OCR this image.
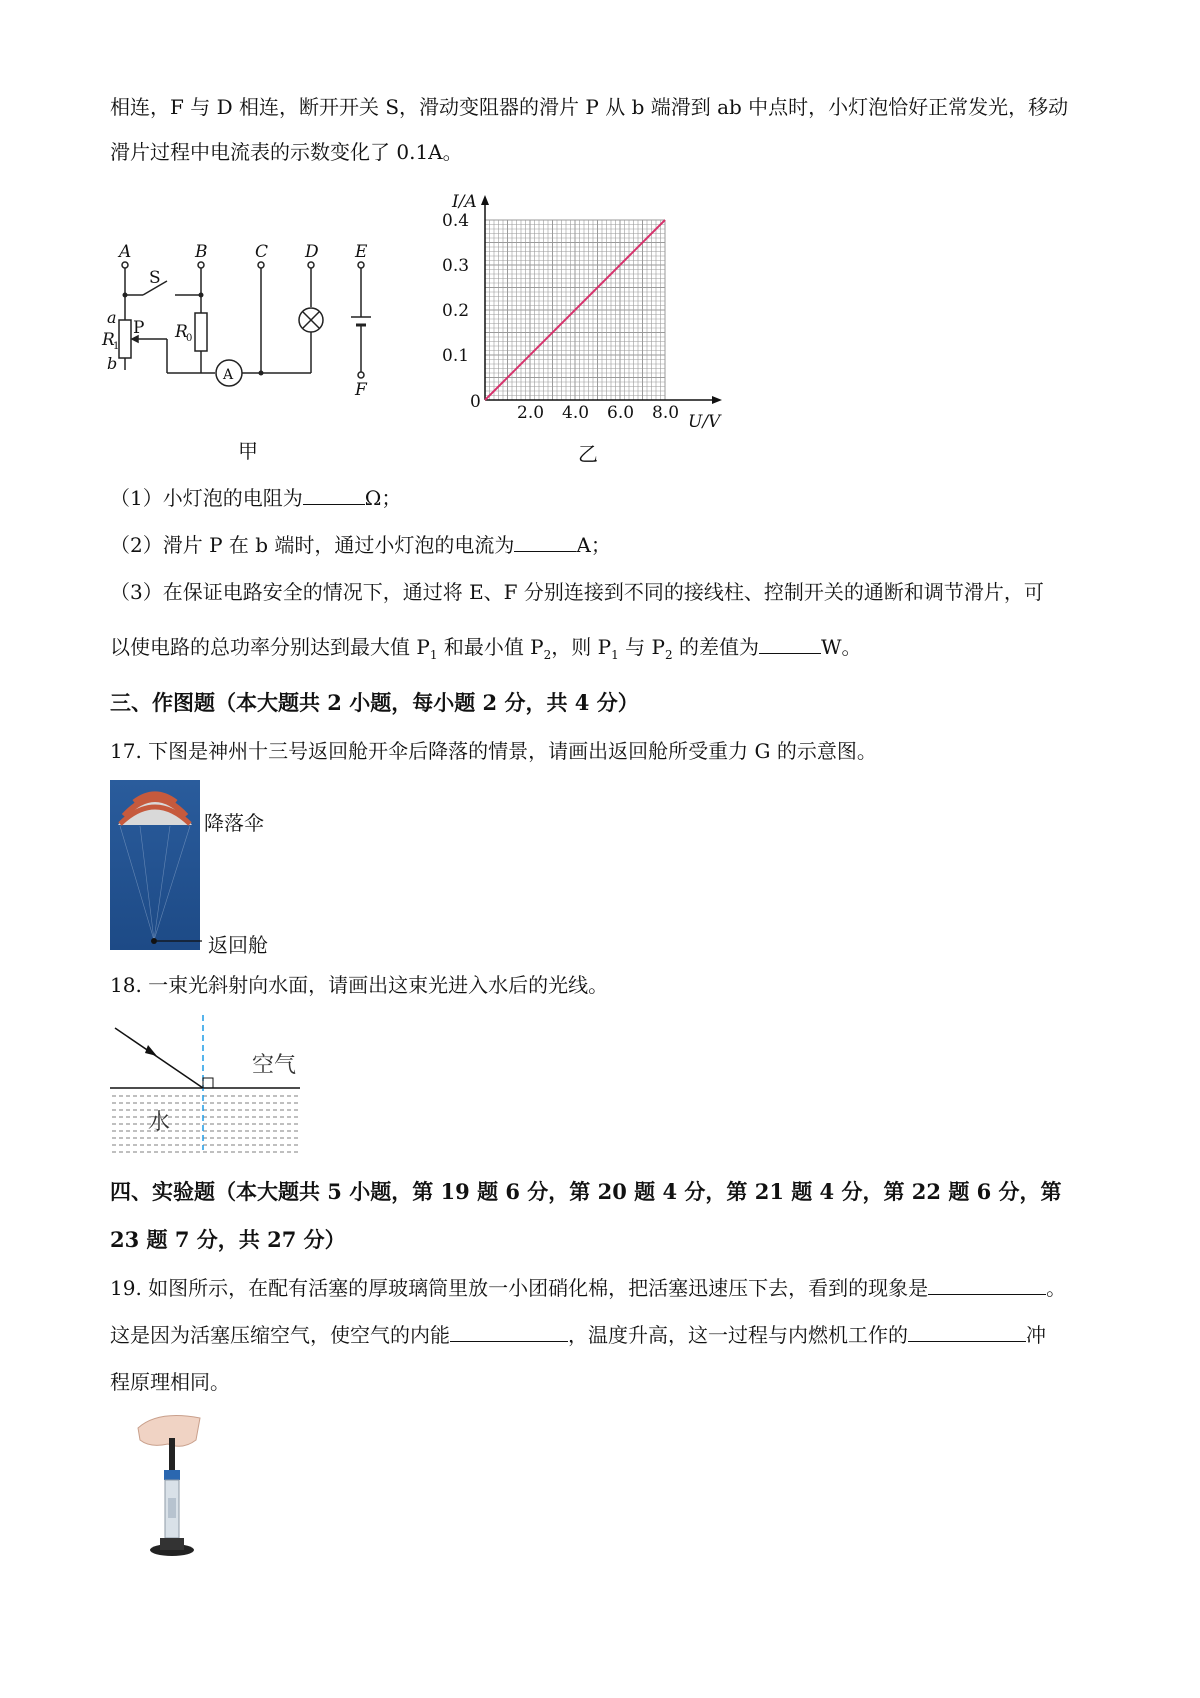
相连，F 与 D 相连，断开开关 S，滑动变阻器的滑片 P 从 b 端滑到 ab 中点时，小灯泡恰好正常发光，移动
滑片过程中电流表的示数变化了 0.1A。
A	B	C D E
F
a
b
R
1
R
0
S
P
A
甲
I/A
U/V
0
2.0 4.0 6.0 8.0
0.1
0.2
0.3
0.4
乙
（1）小灯泡的电阻为	Ω；
（2）滑片 P 在 b 端时，通过小灯泡的电流为	A；
（3）在保证电路安全的情况下，通过将 E、F 分别连接到不同的接线柱、控制开关的通断和调节滑片，可
以使电路的总功率分别达到最大值 $P_1$ 和最小值 $P_2$，则 $P_1$ 与 $P_2$ 的差值为	W。
三、作图题（本大题共 2 小题，每小题 2 分，共 4 分）
17. 下图是神州十三号返回舱开伞后降落的情景，请画出返回舱所受重力 G 的示意图。
降落伞
返回舱
18. 一束光斜射向水面，请画出这束光进入水后的光线。
空气
水
四、实验题（本大题共 5 小题，第 19 题 6 分，第 20 题 4 分，第 21 题 4 分，第 22 题 6 分，第
23 题 7 分，共 27 分）
19. 如图所示，在配有活塞的厚玻璃筒里放一小团硝化棉，把活塞迅速压下去，看到的现象是	。
这是因为活塞压缩空气，使空气的内能	，温度升高，这一过程与内燃机工作的	冲
程原理相同。
